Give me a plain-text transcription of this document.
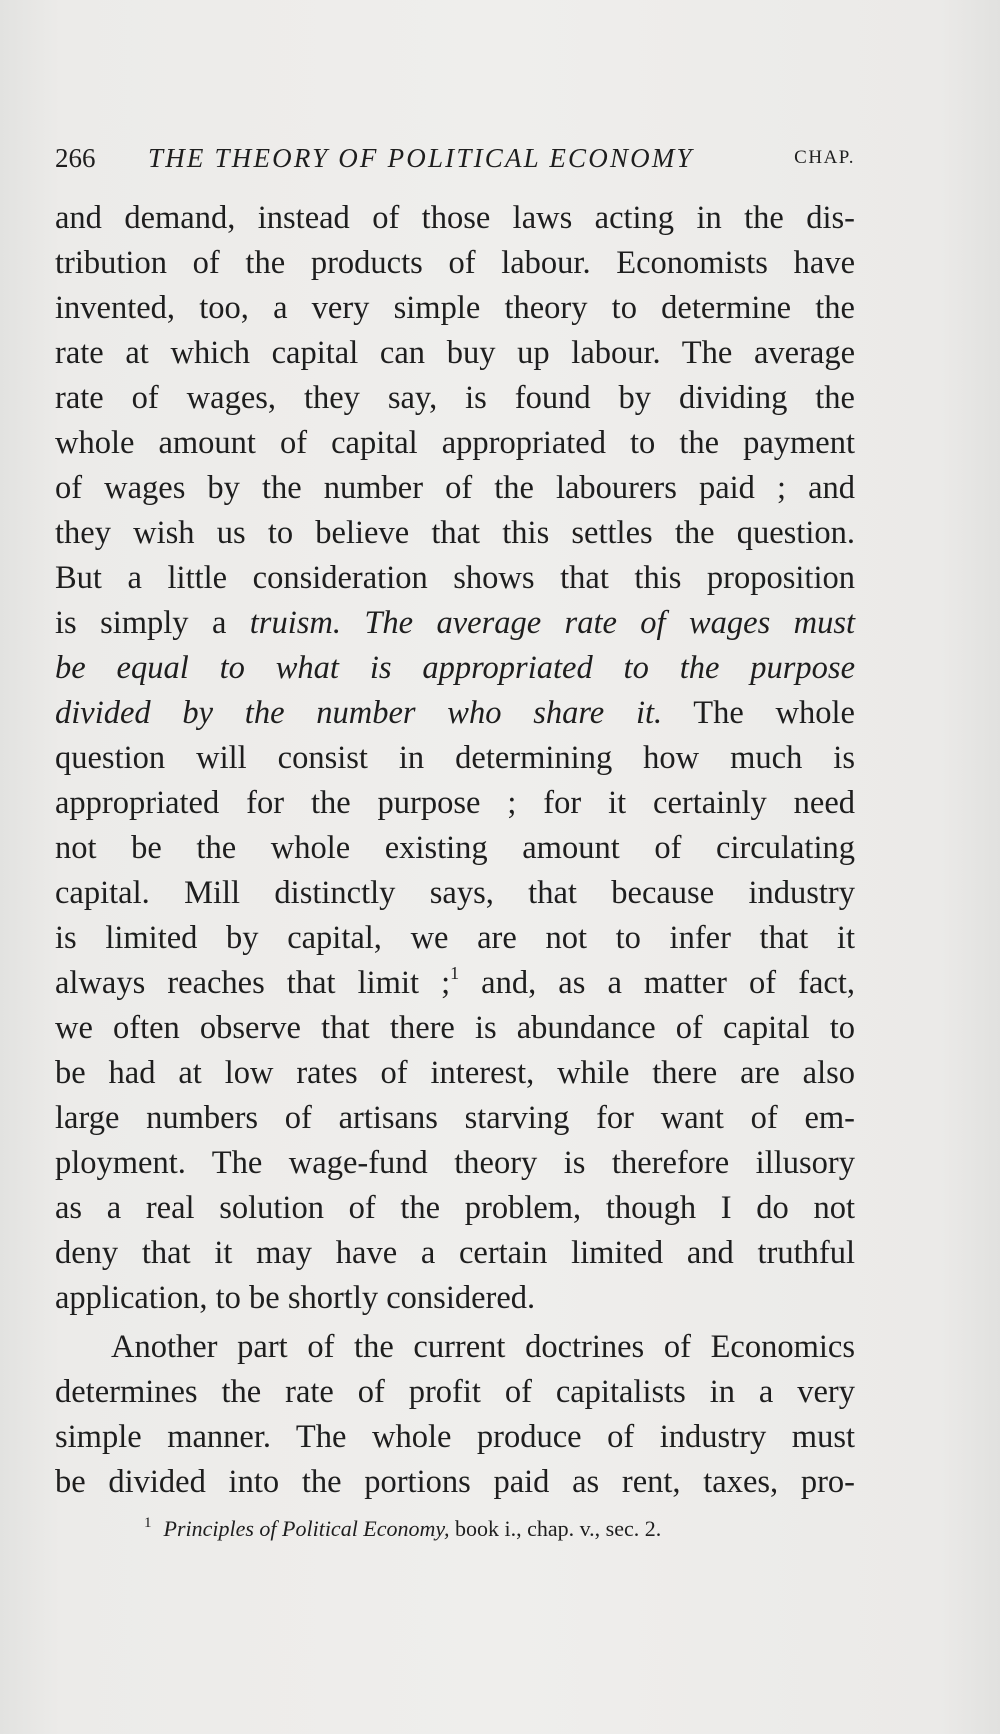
266 THE THEORY OF POLITICAL ECONOMY	CHAP.
and demand, instead of those laws acting in the dis-
tribution of the products of labour. Economists have
invented, too, a very simple theory to determine the
rate at which capital can buy up labour. The average
rate of wages, they say, is found by dividing the
whole amount of capital appropriated to the payment
of wages by the number of the labourers paid ; and
they wish us to believe that this settles the question.
But a little consideration shows that this proposition
is simply a truism. The average rate of wages must
be equal to what is appropriated to the purpose
divided by the number who share it. The whole
question will consist in determining how much is
appropriated for the purpose ; for it certainly need
not be the whole existing amount of circulating
capital. Mill distinctly says, that because industry
is limited by capital, we are not to infer that it
always reaches that limit ;$^1$ and, as a matter of fact,
we often observe that there is abundance of capital to
be had at low rates of interest, while there are also
large numbers of artisans starving for want of em-
ployment. The wage-fund theory is therefore illusory
as a real solution of the problem, though I do not
deny that it may have a certain limited and truthful
application, to be shortly considered.
Another part of the current doctrines of Economics
determines the rate of profit of capitalists in a very
simple manner. The whole produce of industry must
be divided into the portions paid as rent, taxes, pro-
$^1$ Principles of Political Economy, book i., chap. v., sec. 2.
